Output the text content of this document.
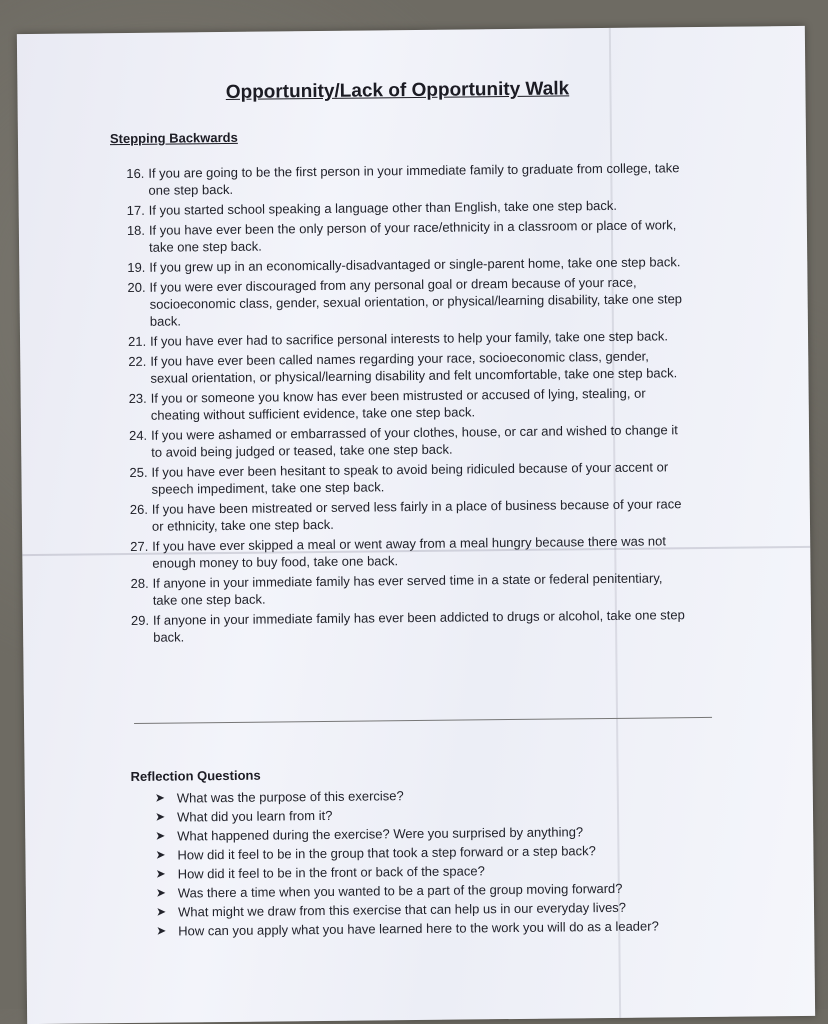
Opportunity/Lack of Opportunity Walk
Stepping Backwards
16. If you are going to be the first person in your immediate family to graduate from college, take one step back.
17. If you started school speaking a language other than English, take one step back.
18. If you have ever been the only person of your race/ethnicity in a classroom or place of work, take one step back.
19. If you grew up in an economically-disadvantaged or single-parent home, take one step back.
20. If you were ever discouraged from any personal goal or dream because of your race, socioeconomic class, gender, sexual orientation, or physical/learning disability, take one step back.
21. If you have ever had to sacrifice personal interests to help your family, take one step back.
22. If you have ever been called names regarding your race, socioeconomic class, gender, sexual orientation, or physical/learning disability and felt uncomfortable, take one step back.
23. If you or someone you know has ever been mistrusted or accused of lying, stealing, or cheating without sufficient evidence, take one step back.
24. If you were ashamed or embarrassed of your clothes, house, or car and wished to change it to avoid being judged or teased, take one step back.
25. If you have ever been hesitant to speak to avoid being ridiculed because of your accent or speech impediment, take one step back.
26. If you have been mistreated or served less fairly in a place of business because of your race or ethnicity, take one step back.
27. If you have ever skipped a meal or went away from a meal hungry because there was not enough money to buy food, take one back.
28. If anyone in your immediate family has ever served time in a state or federal penitentiary, take one step back.
29. If anyone in your immediate family has ever been addicted to drugs or alcohol, take one step back.
Reflection Questions
➤ What was the purpose of this exercise?
➤ What did you learn from it?
➤ What happened during the exercise? Were you surprised by anything?
➤ How did it feel to be in the group that took a step forward or a step back?
➤ How did it feel to be in the front or back of the space?
➤ Was there a time when you wanted to be a part of the group moving forward?
➤ What might we draw from this exercise that can help us in our everyday lives?
➤ How can you apply what you have learned here to the work you will do as a leader?
